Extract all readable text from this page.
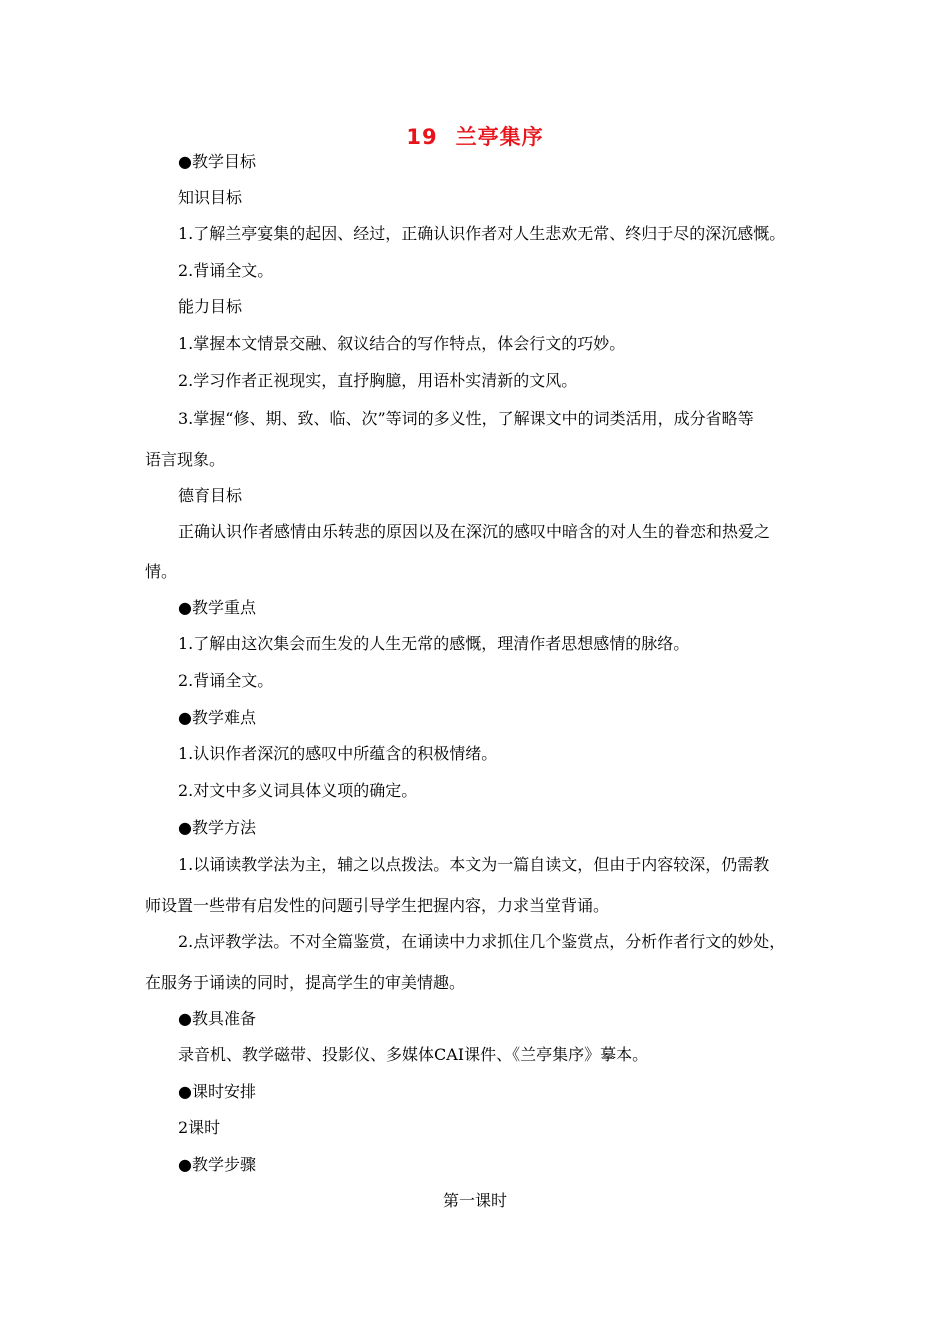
19 兰亭集序
●教学目标
知识目标
1.了解兰亭宴集的起因、经过，正确认识作者对人生悲欢无常、终归于尽的深沉感慨。
2.背诵全文。
能力目标
1.掌握本文情景交融、叙议结合的写作特点，体会行文的巧妙。
2.学习作者正视现实，直抒胸臆，用语朴实清新的文风。
3.掌握“修、期、致、临、次”等词的多义性，了解课文中的词类活用，成分省略等
语言现象。
德育目标
正确认识作者感情由乐转悲的原因以及在深沉的感叹中暗含的对人生的眷恋和热爱之
情。
●教学重点
1.了解由这次集会而生发的人生无常的感慨，理清作者思想感情的脉络。
2.背诵全文。
●教学难点
1.认识作者深沉的感叹中所蕴含的积极情绪。
2.对文中多义词具体义项的确定。
●教学方法
1.以诵读教学法为主，辅之以点拨法。本文为一篇自读文，但由于内容较深，仍需教
师设置一些带有启发性的问题引导学生把握内容，力求当堂背诵。
2.点评教学法。不对全篇鉴赏，在诵读中力求抓住几个鉴赏点，分析作者行文的妙处，
在服务于诵读的同时，提高学生的审美情趣。
●教具准备
录音机、教学磁带、投影仪、多媒体CAI课件、《兰亭集序》摹本。
●课时安排
2课时
●教学步骤
第一课时
